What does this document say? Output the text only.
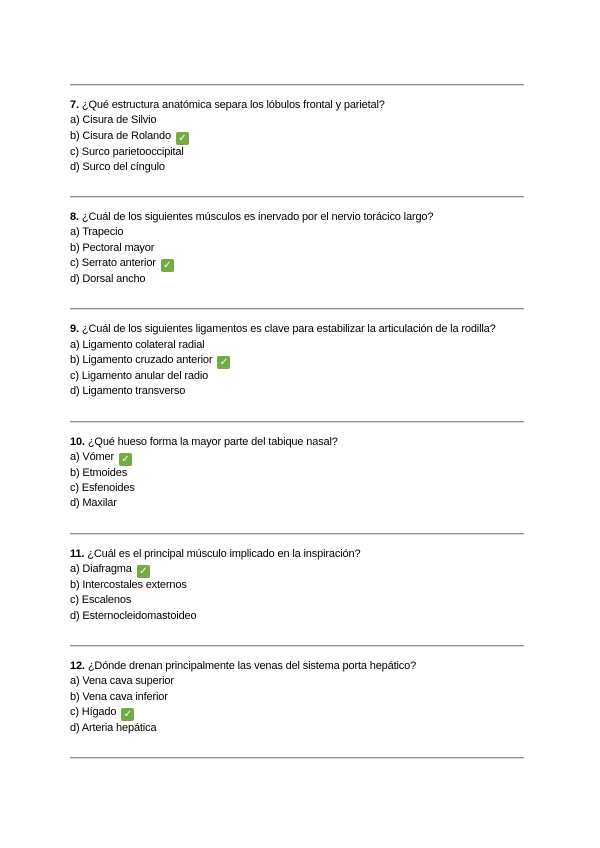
7. ¿Qué estructura anatómica separa los lóbulos frontal y parietal?
a) Cisura de Silvio
b) Cisura de Rolando ✓
c) Surco parietooccipital
d) Surco del cíngulo
8. ¿Cuál de los siguientes músculos es inervado por el nervio torácico largo?
a) Trapecio
b) Pectoral mayor
c) Serrato anterior ✓
d) Dorsal ancho
9. ¿Cuál de los siguientes ligamentos es clave para estabilizar la articulación de la rodilla?
a) Ligamento colateral radial
b) Ligamento cruzado anterior ✓
c) Ligamento anular del radio
d) Ligamento transverso
10. ¿Qué hueso forma la mayor parte del tabique nasal?
a) Vómer ✓
b) Etmoides
c) Esfenoides
d) Maxilar
11. ¿Cuál es el principal músculo implicado en la inspiración?
a) Diafragma ✓
b) Intercostales externos
c) Escalenos
d) Esternocleidomastoideo
12. ¿Dónde drenan principalmente las venas del sistema porta hepático?
a) Vena cava superior
b) Vena cava inferior
c) Hígado ✓
d) Arteria hepática
